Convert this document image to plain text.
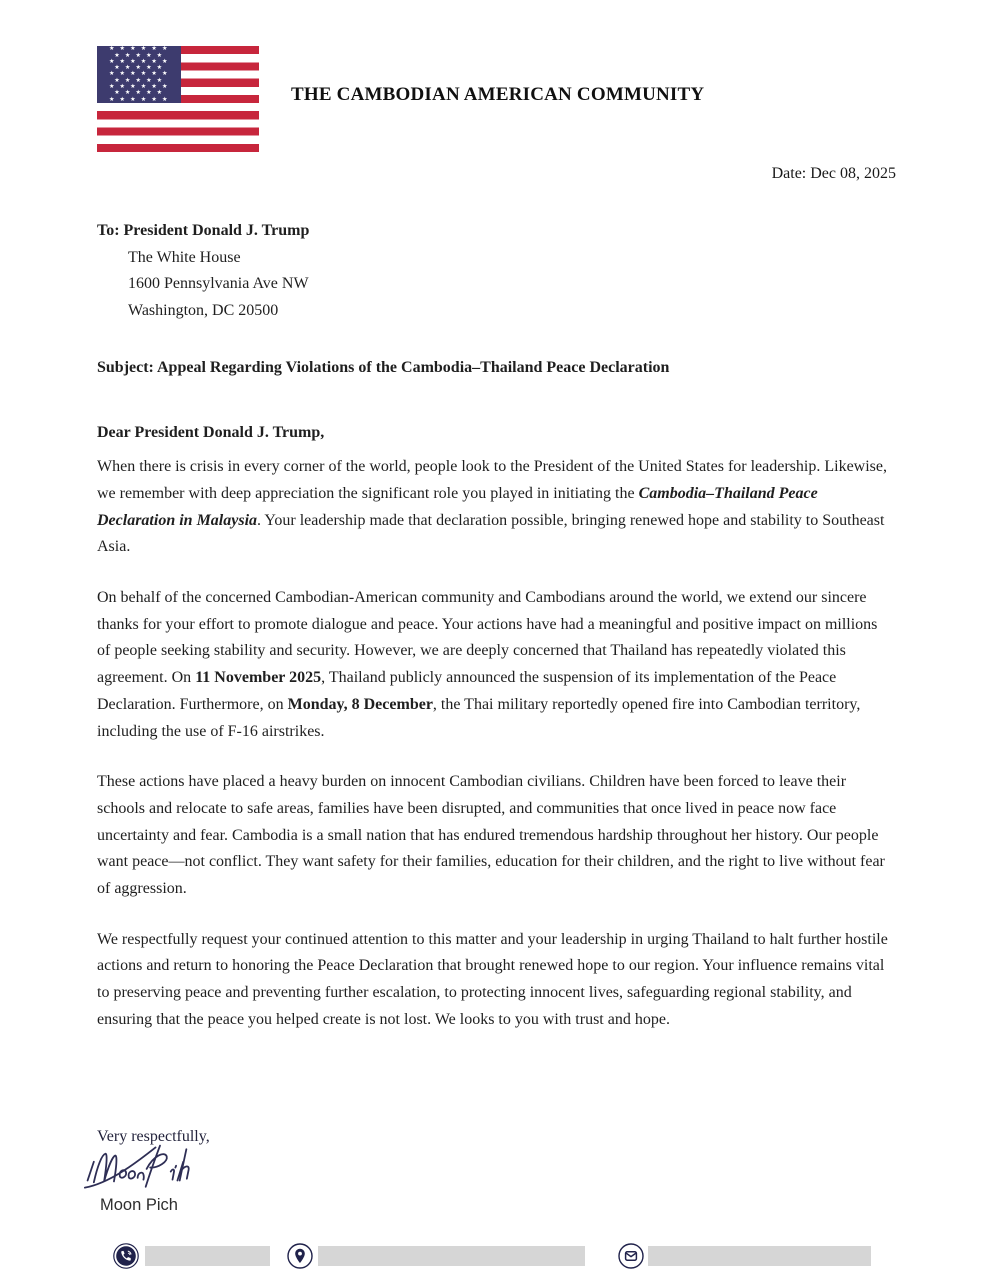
★ ★ ★ ★ ★ ★
★ ★ ★ ★ ★
★ ★ ★ ★ ★ ★
★ ★ ★ ★ ★
★ ★ ★ ★ ★ ★
★ ★ ★ ★ ★
★ ★ ★ ★ ★ ★
★ ★ ★ ★ ★
★ ★ ★ ★ ★ ★	THE CAMBODIAN AMERICAN COMMUNITY
Date: Dec 08, 2025
To: President Donald J. Trump
The White House
1600 Pennsylvania Ave NW
Washington, DC 20500
Subject: Appeal Regarding Violations of the Cambodia–Thailand Peace Declaration
Dear President Donald J. Trump,

When there is crisis in every corner of the world, people look to the President of the United States for leadership. Likewise, we remember with deep appreciation the significant role you played in initiating the Cambodia–Thailand Peace Declaration in Malaysia. Your leadership made that declaration possible, bringing renewed hope and stability to Southeast Asia.

On behalf of the concerned Cambodian-American community and Cambodians around the world, we extend our sincere thanks for your effort to promote dialogue and peace. Your actions have had a meaningful and positive impact on millions of people seeking stability and security. However, we are deeply concerned that Thailand has repeatedly violated this agreement. On 11 November 2025, Thailand publicly announced the suspension of its implementation of the Peace Declaration. Furthermore, on Monday, 8 December, the Thai military reportedly opened fire into Cambodian territory, including the use of F-16 airstrikes.

These actions have placed a heavy burden on innocent Cambodian civilians. Children have been forced to leave their schools and relocate to safe areas, families have been disrupted, and communities that once lived in peace now face uncertainty and fear. Cambodia is a small nation that has endured tremendous hardship throughout her history. Our people want peace—not conflict. They want safety for their families, education for their children, and the right to live without fear of aggression.

We respectfully request your continued attention to this matter and your leadership in urging Thailand to halt further hostile actions and return to honoring the Peace Declaration that brought renewed hope to our region. Your influence remains vital to preserving peace and preventing further escalation, to protecting innocent lives, safeguarding regional stability, and ensuring that the peace you helped create is not lost. We looks to you with trust and hope.

Very respectfully,
Moon Pich
